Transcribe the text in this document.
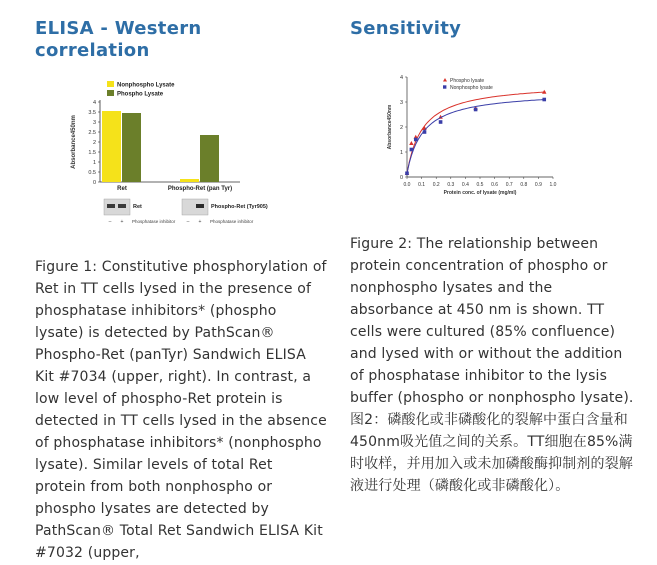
ELISA - Western correlation
Nonphospho Lysate
Phospho Lysate
0
0.5
1
1.5
2
2.5
3
3.5
4
Absorbance450nm
Ret	Phospho-Ret (pan Tyr)
Ret
– + Phosphatase inhibitor
Phospho-Ret (Tyr905)
– + Phosphatase inhibitor
Figure 1: Constitutive phosphorylation of Ret in TT cells lysed in the presence of phosphatase inhibitors* (phospho lysate) is detected by PathScan® Phospho-Ret (panTyr) Sandwich ELISA Kit #7034 (upper, right). In contrast, a low level of phospho-Ret protein is detected in TT cells lysed in the absence of phosphatase inhibitors* (nonphospho lysate). Similar levels of total Ret protein from both nonphospho or phospho lysates are detected by PathScan® Total Ret Sandwich ELISA Kit #7032 (upper,
Sensitivity
0
1
2
3
4
0.0 0.1 0.2 0.3 0.4 0.5 0.6 0.7 0.8 0.9 1.0
Protein conc. of lysate (mg/ml)
Absorbance450nm
Phospho lysate
Nonphospho lysate
Figure 2: The relationship between protein concentration of phospho or nonphospho lysates and the absorbance at 450 nm is shown. TT cells were cultured (85% confluence) and lysed with or without the addition of phosphatase inhibitor to the lysis buffer (phospho or nonphospho lysate). 图2：磷酸化或非磷酸化的裂解中蛋白含量和450nm吸光值之间的关系。TT细胞在85%满时收样，并用加入或未加磷酸酶抑制剂的裂解液进行处理（磷酸化或非磷酸化）。
